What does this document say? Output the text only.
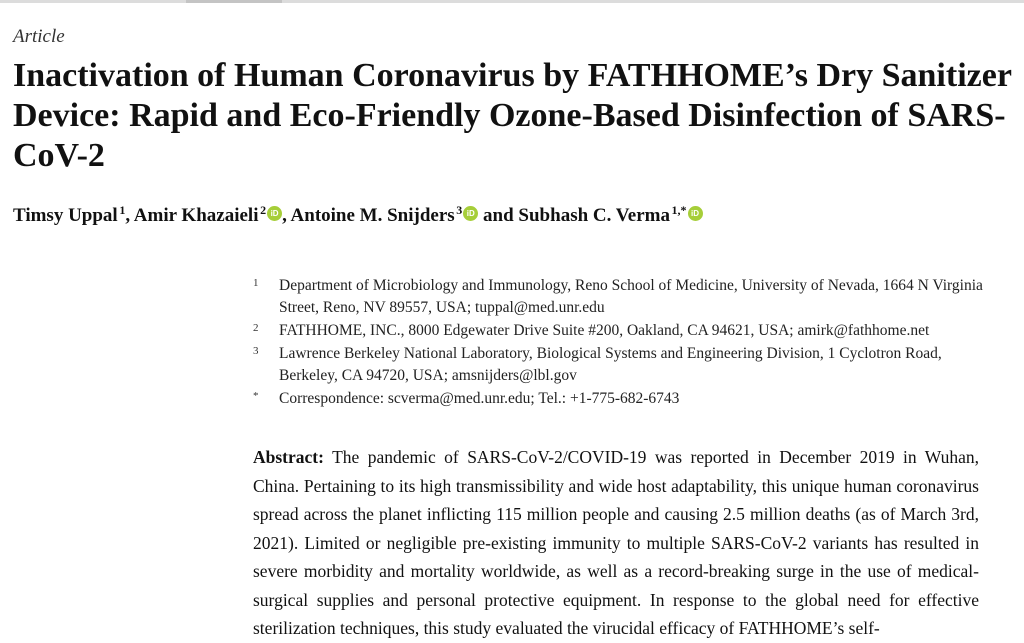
Article
Inactivation of Human Coronavirus by FATHHOME’s Dry Sanitizer Device: Rapid and Eco-Friendly Ozone-Based Disinfection of SARS-CoV-2
Timsy Uppal  $^1$, Amir Khazaieli  $^2$ iD , Antoine M. Snijders  $^3$ iD and Subhash C. Verma  $^{1,*}$ iD
1 Department of Microbiology and Immunology, Reno School of Medicine, University of Nevada, 1664 N Virginia Street, Reno, NV 89557, USA; tuppal@med.unr.edu
2 FATHHOME, INC., 8000 Edgewater Drive Suite #200, Oakland, CA 94621, USA; amirk@fathhome.net
3 Lawrence Berkeley National Laboratory, Biological Systems and Engineering Division, 1 Cyclotron Road, Berkeley, CA 94720, USA; amsnijders@lbl.gov
* Correspondence: scverma@med.unr.edu; Tel.: +1-775-682-6743

Abstract: The pandemic of SARS-CoV-2/COVID-19 was reported in December 2019 in Wuhan, China. Pertaining to its high transmissibility and wide host adaptability, this unique human coronavirus spread across the planet inflicting 115 million people and causing 2.5 million deaths (as of March 3rd, 2021). Limited or negligible pre-existing immunity to multiple SARS-CoV-2 variants has resulted in severe morbidity and mortality worldwide, as well as a record-breaking surge in the use of medical-surgical supplies and personal protective equipment. In response to the global need for effective sterilization techniques, this study evaluated the virucidal efficacy of FATHHOME’s self-
